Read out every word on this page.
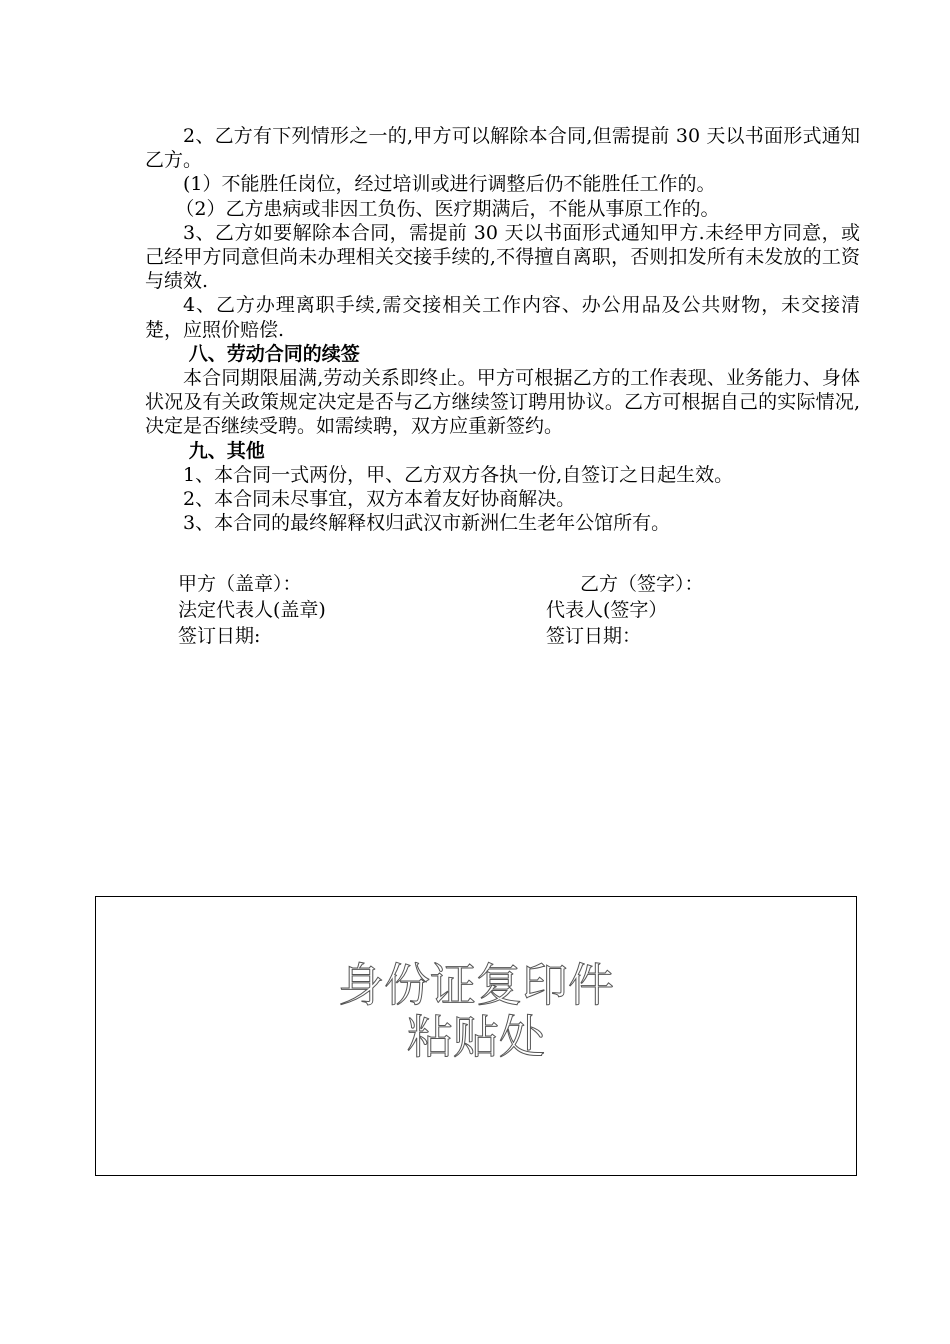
2、乙方有下列情形之一的,甲方可以解除本合同,但需提前 30 天以书面形式通知乙方。

(1）不能胜任岗位，经过培训或进行调整后仍不能胜任工作的。

（2）乙方患病或非因工负伤、医疗期满后，不能从事原工作的。

3、乙方如要解除本合同，需提前 30 天以书面形式通知甲方.未经甲方同意，或己经甲方同意但尚未办理相关交接手续的,不得擅自离职，否则扣发所有未发放的工资与绩效.

4、乙方办理离职手续,需交接相关工作内容、办公用品及公共财物，未交接清楚，应照价赔偿.

八、劳动合同的续签

本合同期限届满,劳动关系即终止。甲方可根据乙方的工作表现、业务能力、身体状况及有关政策规定决定是否与乙方继续签订聘用协议。乙方可根据自己的实际情况,决定是否继续受聘。如需续聘，双方应重新签约。

九、其他

1、本合同一式两份，甲、乙方双方各执一份,自签订之日起生效。

2、本合同未尽事宜，双方本着友好协商解决。

3、本合同的最终解释权归武汉市新洲仁生老年公馆所有。

甲方（盖章）：	乙方（签字）：
法定代表人(盖章)	代表人(签字）
签订日期:	签订日期：
身份证复印件
粘贴处
